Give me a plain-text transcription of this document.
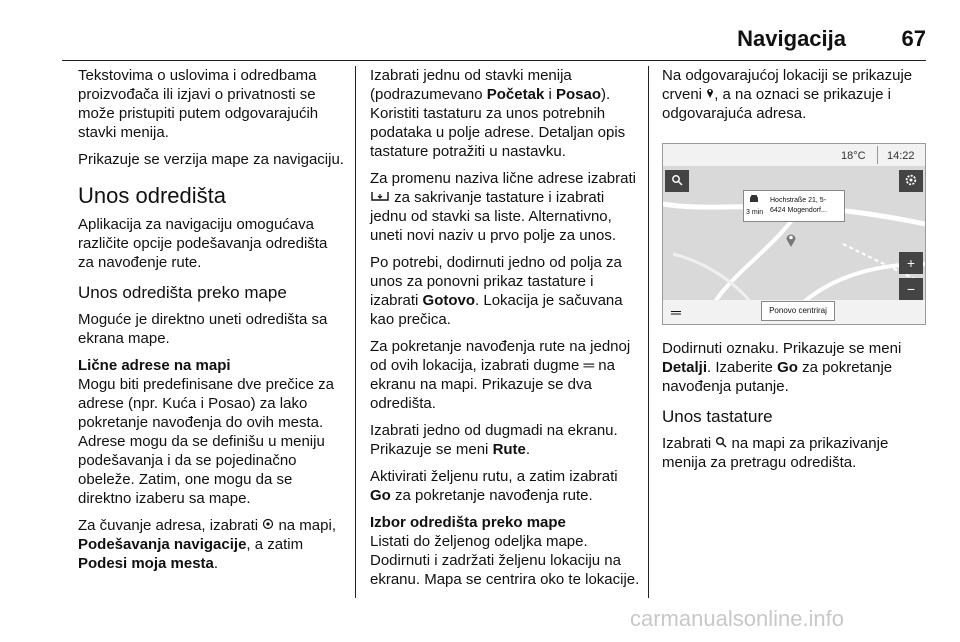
Navigacija	67

Tekstovima o uslovima i odredbama proizvođača ili izjavi o privatnosti se može pristupiti putem odgovarajućih stavki menija.

Prikazuje se verzija mape za navigaciju.

Unos odredišta

Aplikacija za navigaciju omogućava različite opcije podešavanja odredišta za navođenje rute.

Unos odredišta preko mape

Moguće je direktno uneti odredišta sa ekrana mape.

Lične adrese na mapi

Mogu biti predefinisane dve prečice za adrese (npr. Kuća i Posao) za lako pokretanje navođenja do ovih mesta. Adrese mogu da se definišu u meniju podešavanja i da se pojedinačno obeleže. Zatim, one mogu da se direktno izaberu sa mape.

Za čuvanje adresa, izabrati na mapi, Podešavanja navigacije, a zatim Podesi moja mesta.

Izabrati jednu od stavki menija (podrazumevano Početak i Posao). Koristiti tastaturu za unos potrebnih podataka u polje adrese. Detaljan opis tastature potražiti u nastavku.

Za promenu naziva lične adrese izabrati  za sakrivanje tastature i izabrati jednu od stavki sa liste. Alternativno, uneti novi naziv u prvo polje za unos.

Po potrebi, dodirnuti jedno od polja za unos za ponovni prikaz tastature i izabrati Gotovo. Lokacija je sačuvana kao prečica.

Za pokretanje navođenja rute na jednoj od ovih lokacija, izabrati dugme ═ na ekranu na mapi. Prikazuje se dva odredišta.

Izabrati jedno od dugmadi na ekranu. Prikazuje se meni Rute.

Aktivirati željenu rutu, a zatim izabrati Go za pokretanje navođenja rute.

Izbor odredišta preko mape

Listati do željenog odeljka mape. Dodirnuti i zadržati željenu lokaciju na ekranu. Mapa se centrira oko te lokacije.

Na odgovarajućoj lokaciji se prikazuje crveni , a na oznaci se prikazuje i odgovarajuća adresa.

18°C 14:22
3 min
Hochstraße 21, 5-
6424 Mogendorf...
+
−
═	Ponovo centriraj

Dodirnuti oznaku. Prikazuje se meni Detalji. Izaberite Go za pokretanje navođenja putanje.

Unos tastature

Izabrati na mapi za prikazivanje menija za pretragu odredišta.

carmanualsonline.info
